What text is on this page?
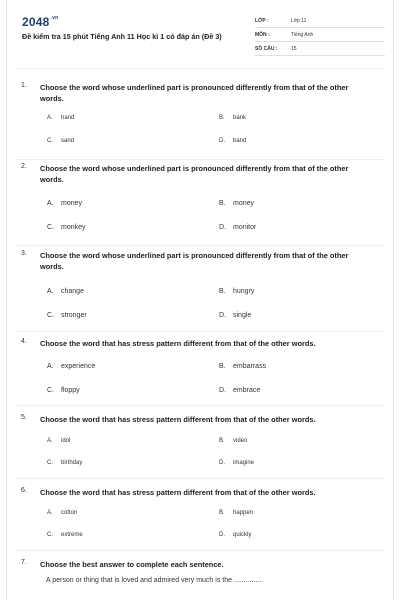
$2048^{.vn}$
Đề kiểm tra 15 phút Tiếng Anh 11 Học kì 1 có đáp án (Đề 3)
LỚP :	Lớp 11
MÔN :	Tiếng Anh
SỐ CÂU :	15
1. Choose the word whose underlined part is pronounced differently from that of the other words.
A. hand	B. bank
C. sand	D. band
2. Choose the word whose underlined part is pronounced differently from that of the other words.
A. money	B. money
C. monkey	D. monitor
3. Choose the word whose underlined part is pronounced differently from that of the other words.
A. change	B. hungry
C. stronger	D. single
4. Choose the word that has stress pattern different from that of the other words.
A. experience	B. embarrass
C. floppy	D. embrace
5. Choose the word that has stress pattern different from that of the other words.
A. idol	B. video
C. birthday	D. imagine
6. Choose the word that has stress pattern different from that of the other words.
A. cotton	B. happen
C. extreme	D. quickly
7. Choose the best answer to complete each sentence.
A person or thing that is loved and admired very much is the ...............
